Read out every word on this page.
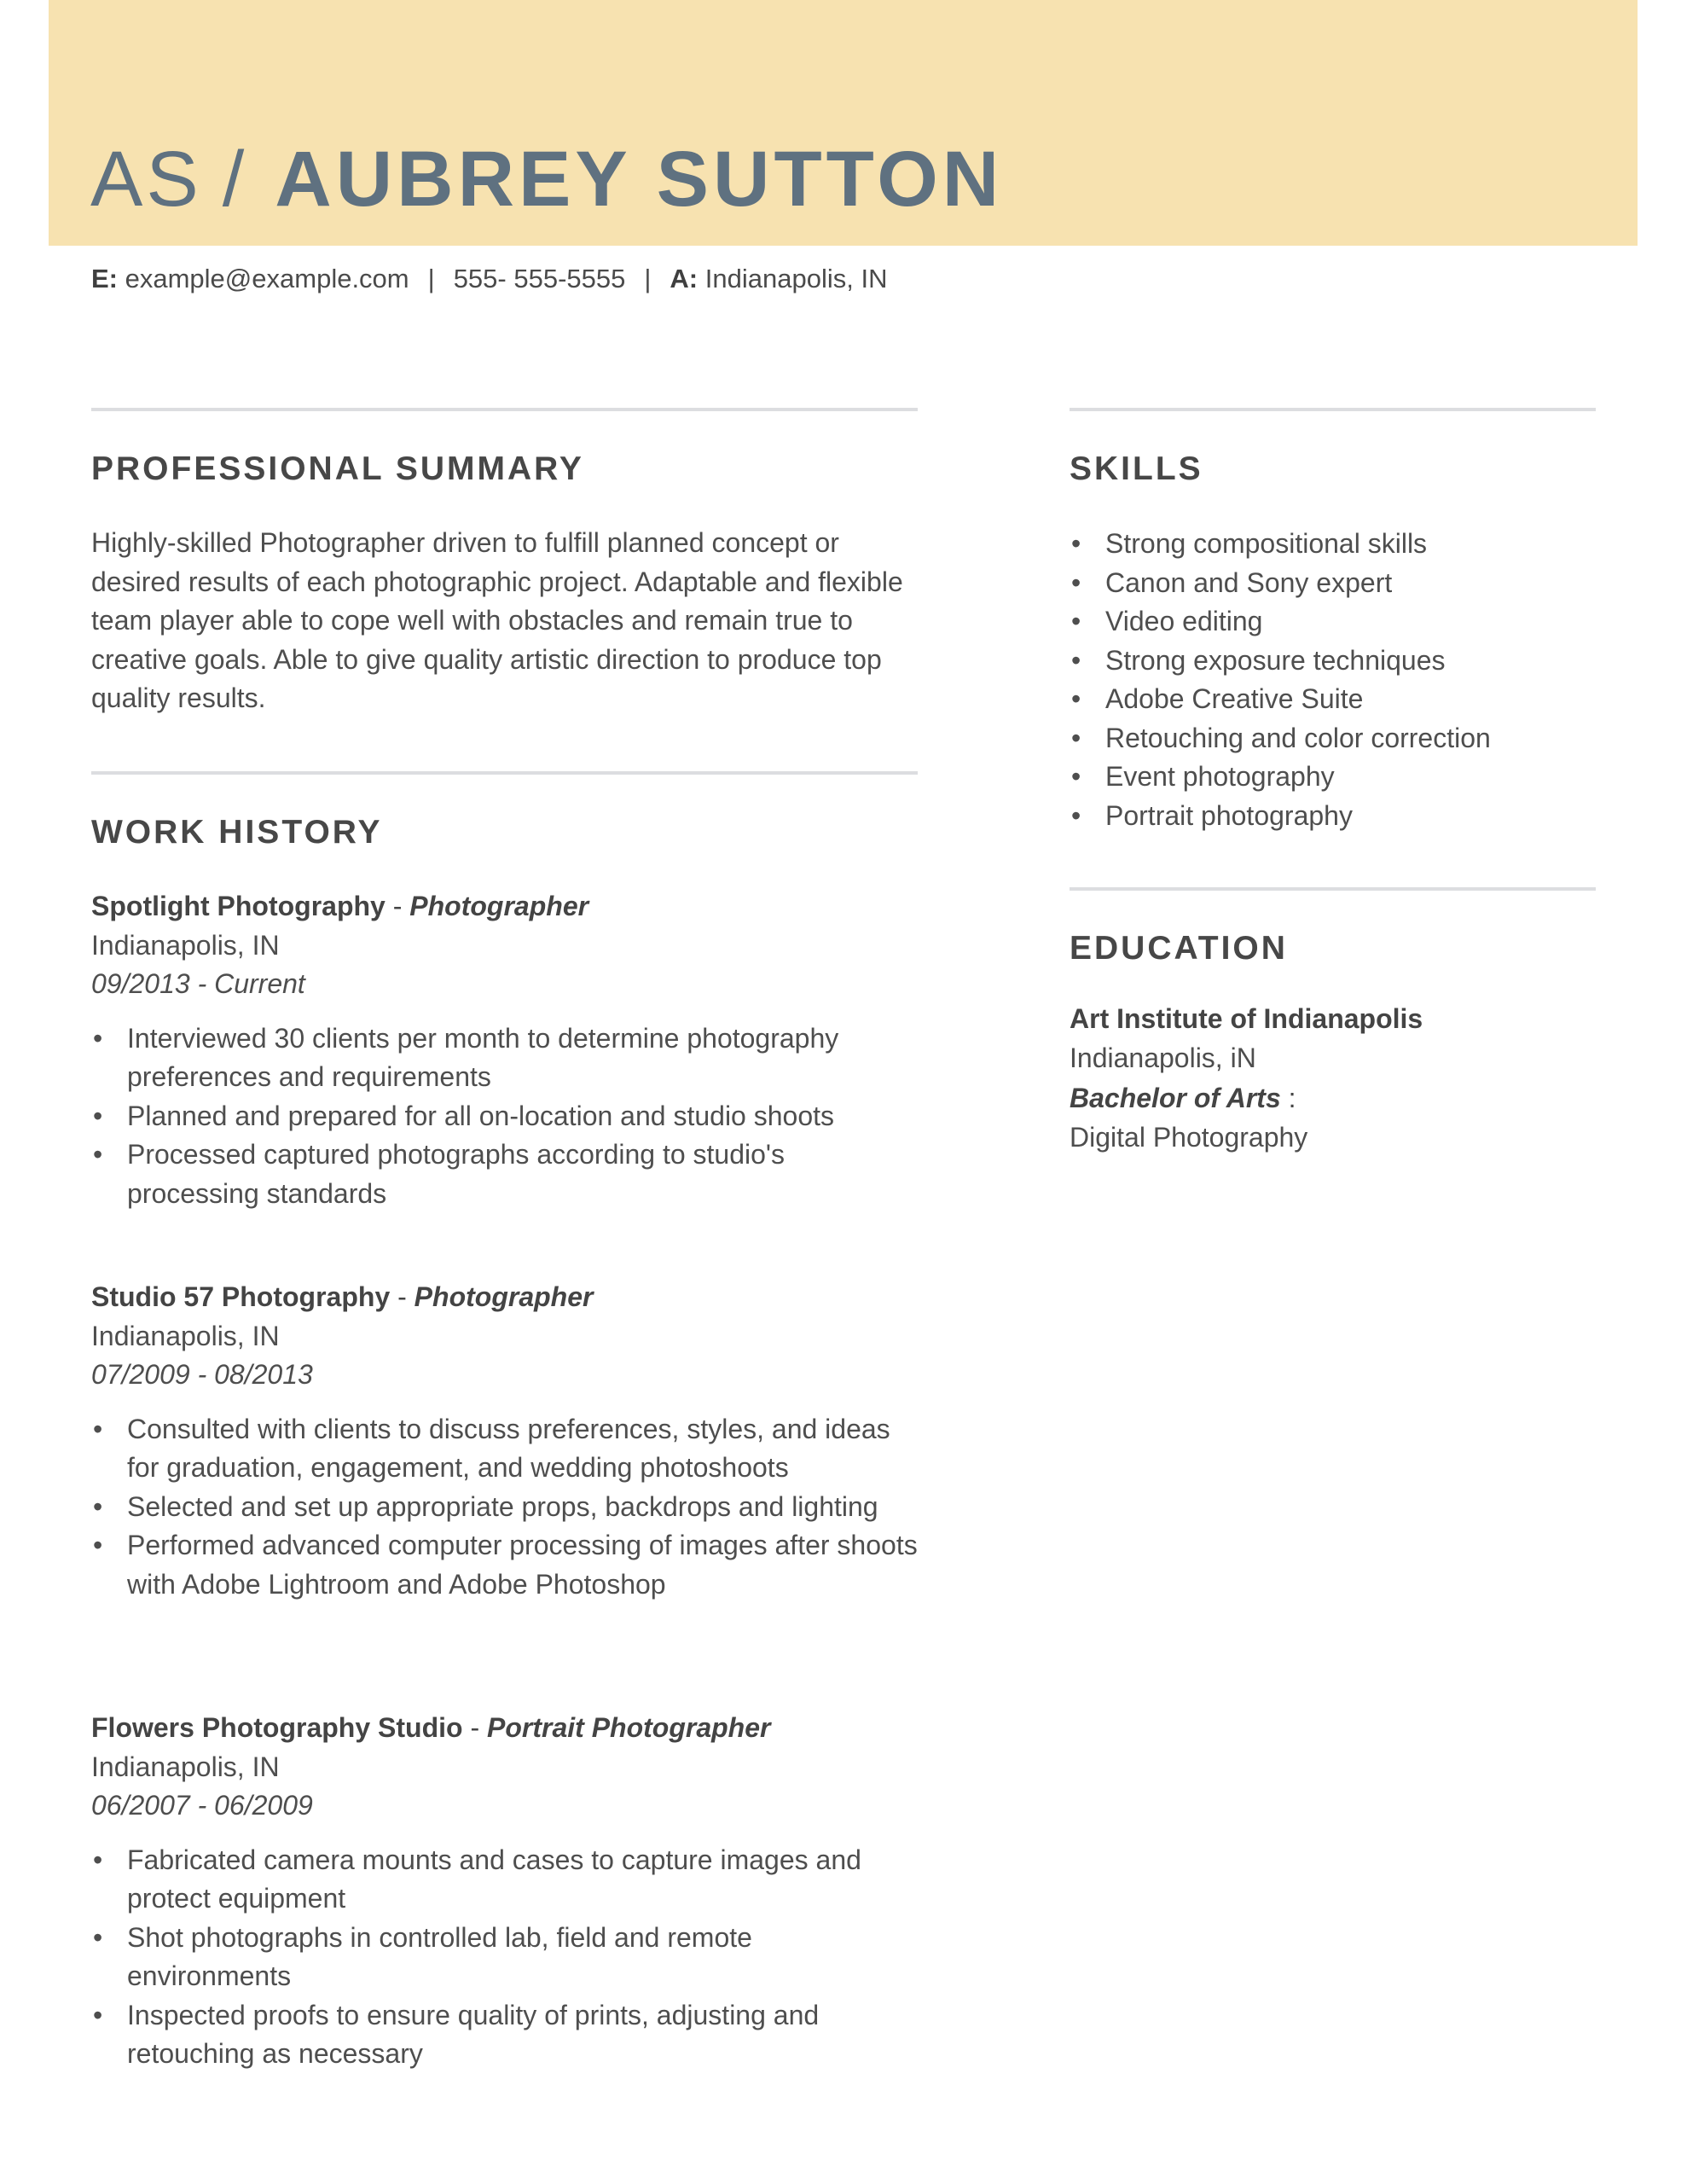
AS / AUBREY SUTTON
E: example@example.com | 555- 555-5555 | A: Indianapolis, IN
PROFESSIONAL SUMMARY
Highly-skilled Photographer driven to fulfill planned concept or desired results of each photographic project. Adaptable and flexible team player able to cope well with obstacles and remain true to creative goals. Able to give quality artistic direction to produce top quality results.
WORK HISTORY
Spotlight Photography - Photographer
Indianapolis, IN
09/2013 - Current
• Interviewed 30 clients per month to determine photography preferences and requirements
• Planned and prepared for all on-location and studio shoots
• Processed captured photographs according to studio's processing standards
Studio 57 Photography - Photographer
Indianapolis, IN
07/2009 - 08/2013
• Consulted with clients to discuss preferences, styles, and ideas for graduation, engagement, and wedding photoshoots
• Selected and set up appropriate props, backdrops and lighting
• Performed advanced computer processing of images after shoots with Adobe Lightroom and Adobe Photoshop
Flowers Photography Studio - Portrait Photographer
Indianapolis, IN
06/2007 - 06/2009
• Fabricated camera mounts and cases to capture images and protect equipment
• Shot photographs in controlled lab, field and remote environments
• Inspected proofs to ensure quality of prints, adjusting and retouching as necessary
SKILLS
• Strong compositional skills
• Canon and Sony expert
• Video editing
• Strong exposure techniques
• Adobe Creative Suite
• Retouching and color correction
• Event photography
• Portrait photography
EDUCATION
Art Institute of Indianapolis
Indianapolis, iN
Bachelor of Arts :
Digital Photography
